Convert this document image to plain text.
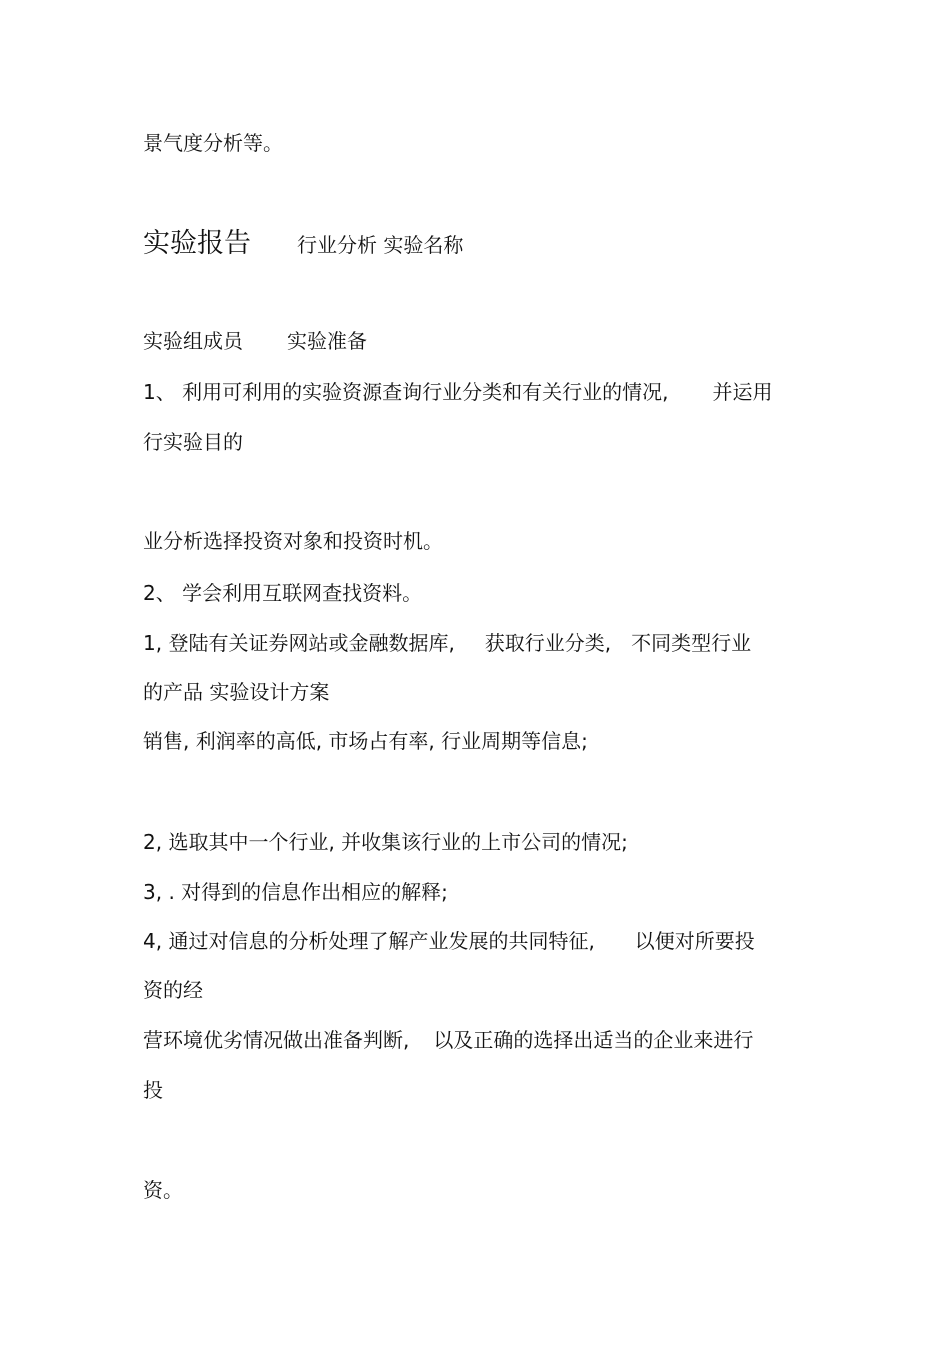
景气度分析等。
实验报告 行业分析 实验名称
实验组成员 实验准备
1、 利用可利用的实验资源查询行业分类和有关行业的情况, 并运用
行实验目的
业分析选择投资对象和投资时机。
2、 学会利用互联网查找资料。
1, 登陆有关证券网站或金融数据库, 获取行业分类, 不同类型行业
的产品 实验设计方案
销售, 利润率的高低, 市场占有率, 行业周期等信息;
2, 选取其中一个行业, 并收集该行业的上市公司的情况;
3, . 对得到的信息作出相应的解释;
4, 通过对信息的分析处理了解产业发展的共同特征, 以便对所要投
资的经
营环境优劣情况做出准备判断, 以及正确的选择出适当的企业来进行
投
资。
